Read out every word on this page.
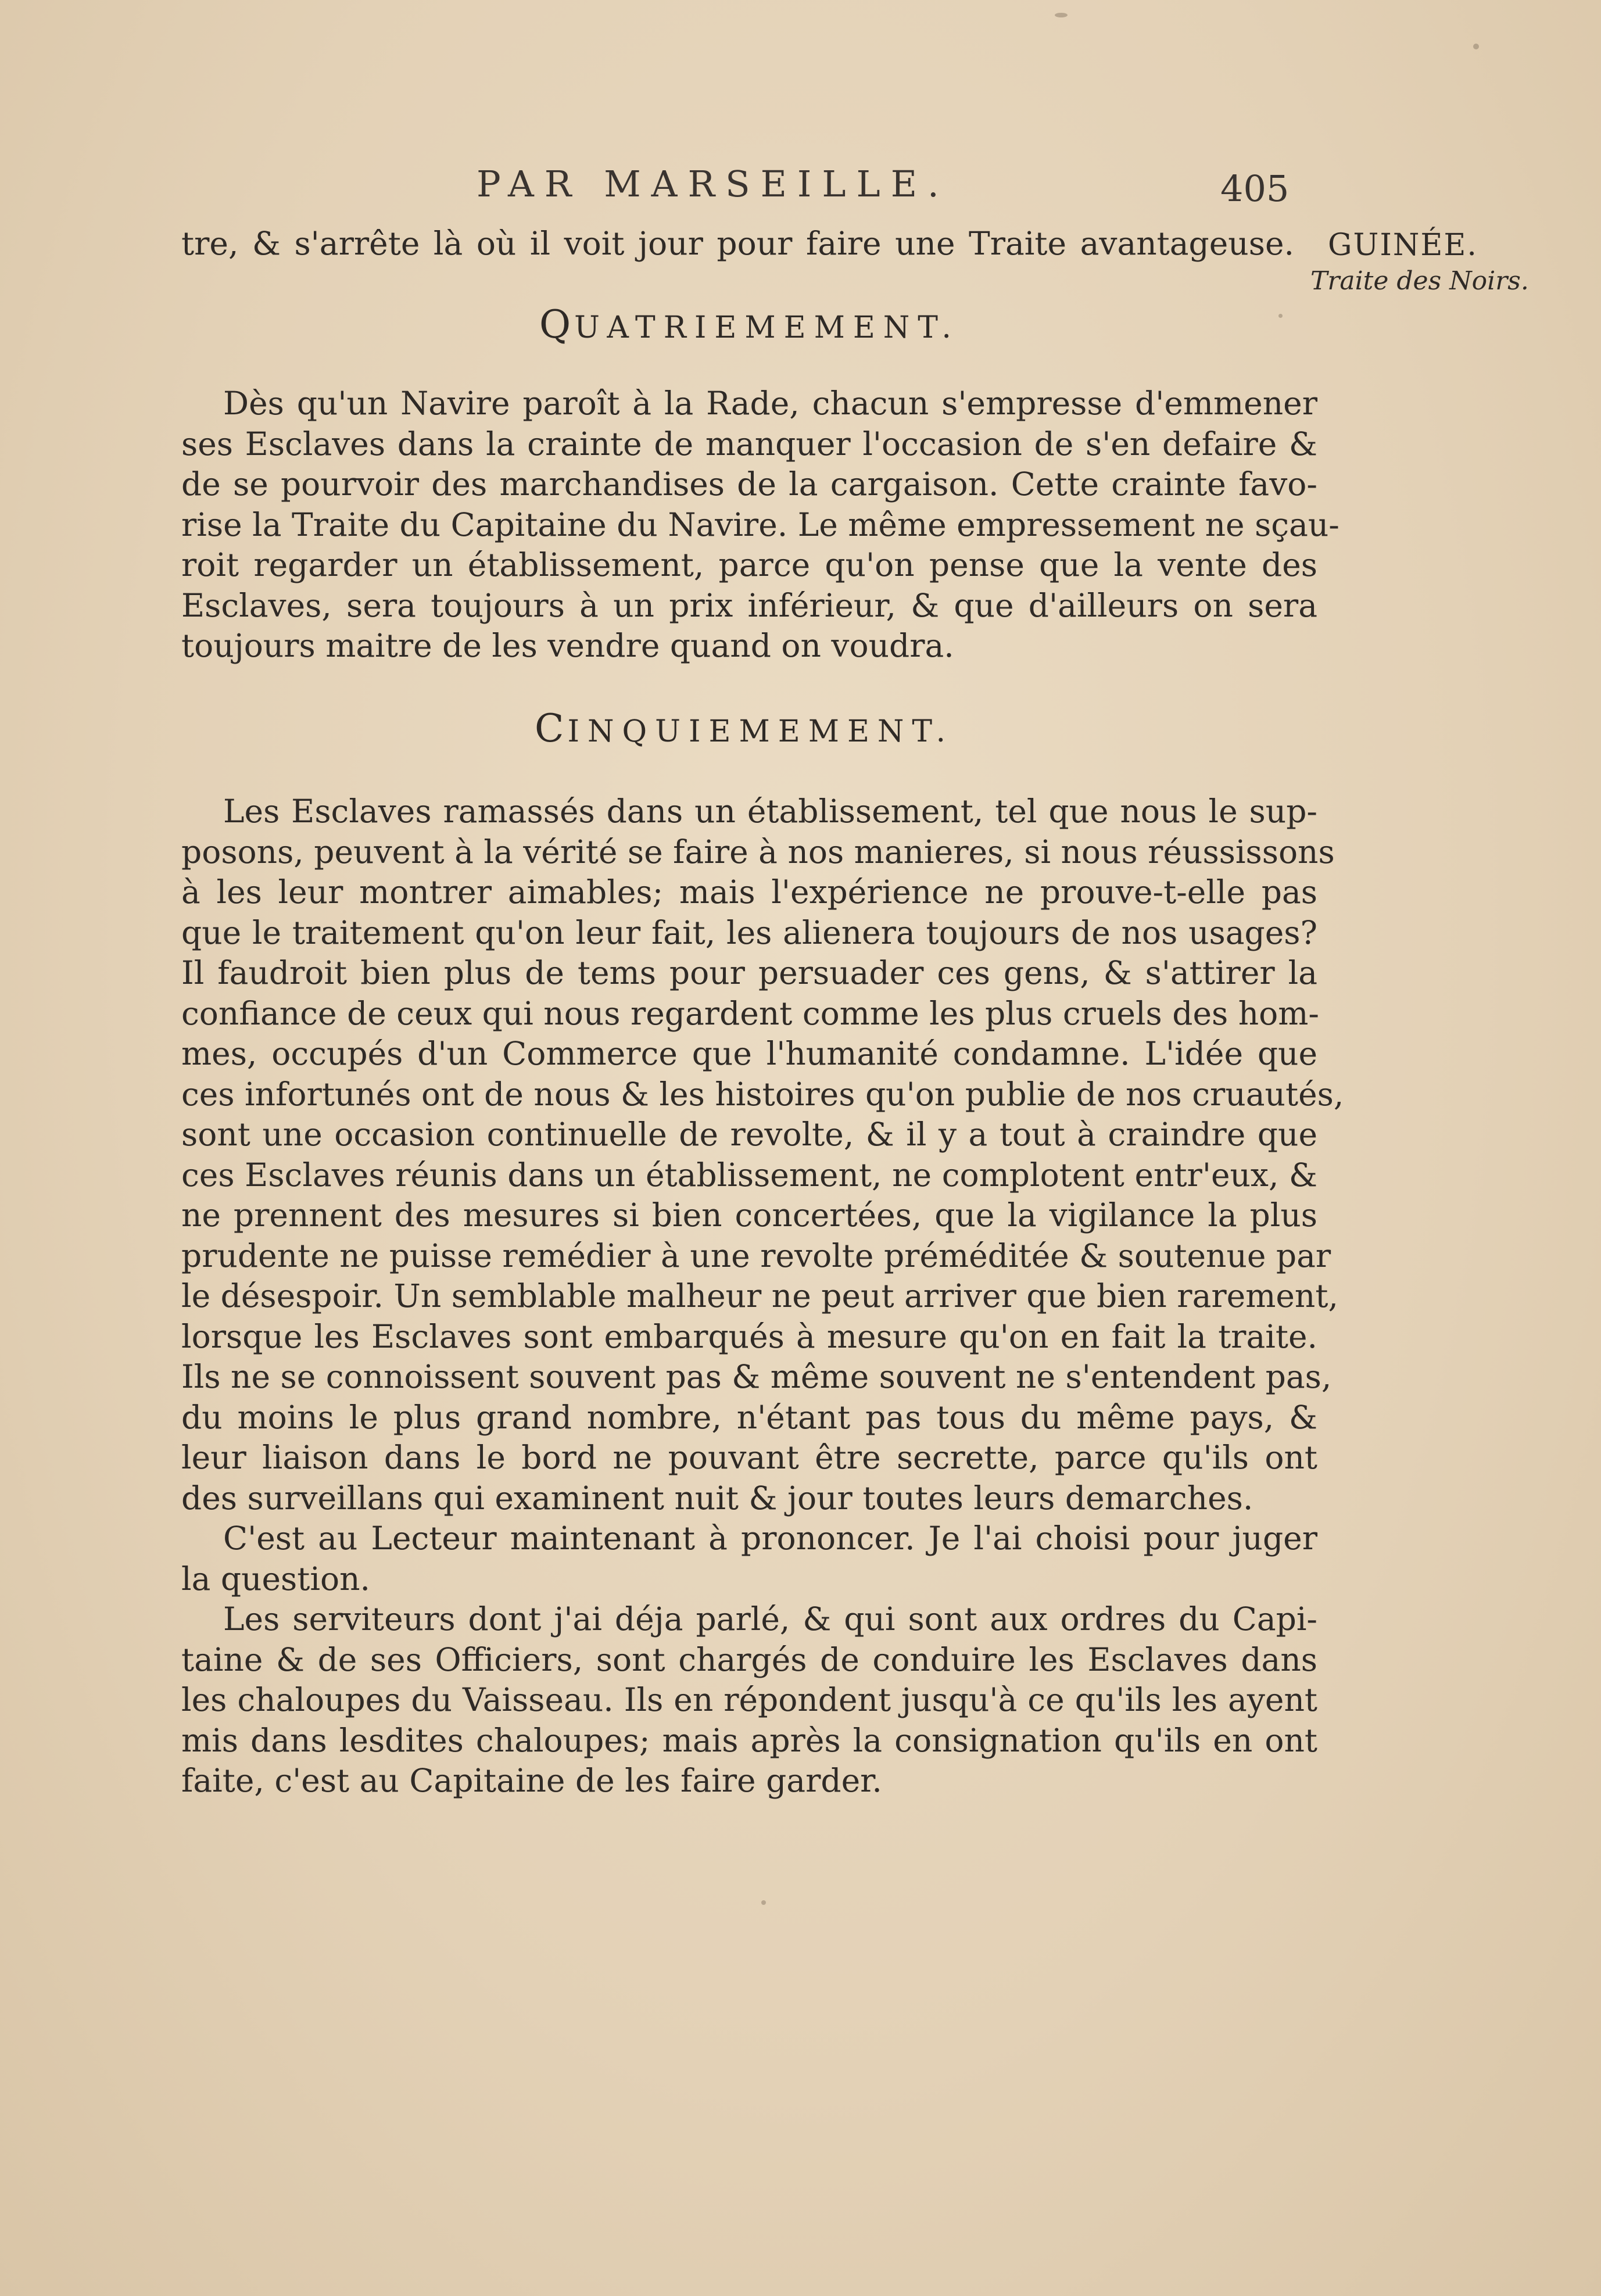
PAR MARSEILLE.	405
GUINÉE.
Traite des Noirs.
tre, & s'arrête là où il voit jour pour faire une Traite avantageuse.
QUATRIEMEMENT.
Dès qu'un Navire paroît à la Rade, chacun s'empresse d'emmener
ses Esclaves dans la crainte de manquer l'occasion de s'en defaire &
de se pourvoir des marchandises de la cargaison. Cette crainte favo-
rise la Traite du Capitaine du Navire. Le même empressement ne sçau-
roit regarder un établissement, parce qu'on pense que la vente des
Esclaves, sera toujours à un prix inférieur, & que d'ailleurs on sera
toujours maitre de les vendre quand on voudra.
CINQUIEMEMENT.
Les Esclaves ramassés dans un établissement, tel que nous le sup-
posons, peuvent à la vérité se faire à nos manieres, si nous réussissons
à les leur montrer aimables; mais l'expérience ne prouve-t-elle pas
que le traitement qu'on leur fait, les alienera toujours de nos usages?
Il faudroit bien plus de tems pour persuader ces gens, & s'attirer la
confiance de ceux qui nous regardent comme les plus cruels des hom-
mes, occupés d'un Commerce que l'humanité condamne. L'idée que
ces infortunés ont de nous & les histoires qu'on publie de nos cruautés,
sont une occasion continuelle de revolte, & il y a tout à craindre que
ces Esclaves réunis dans un établissement, ne complotent entr'eux, &
ne prennent des mesures si bien concertées, que la vigilance la plus
prudente ne puisse remédier à une revolte préméditée & soutenue par
le désespoir. Un semblable malheur ne peut arriver que bien rarement,
lorsque les Esclaves sont embarqués à mesure qu'on en fait la traite.
Ils ne se connoissent souvent pas & même souvent ne s'entendent pas,
du moins le plus grand nombre, n'étant pas tous du même pays, &
leur liaison dans le bord ne pouvant être secrette, parce qu'ils ont
des surveillans qui examinent nuit & jour toutes leurs demarches.
C'est au Lecteur maintenant à prononcer. Je l'ai choisi pour juger
la question.
Les serviteurs dont j'ai déja parlé, & qui sont aux ordres du Capi-
taine & de ses Officiers, sont chargés de conduire les Esclaves dans
les chaloupes du Vaisseau. Ils en répondent jusqu'à ce qu'ils les ayent
mis dans lesdites chaloupes; mais après la consignation qu'ils en ont
faite, c'est au Capitaine de les faire garder.
